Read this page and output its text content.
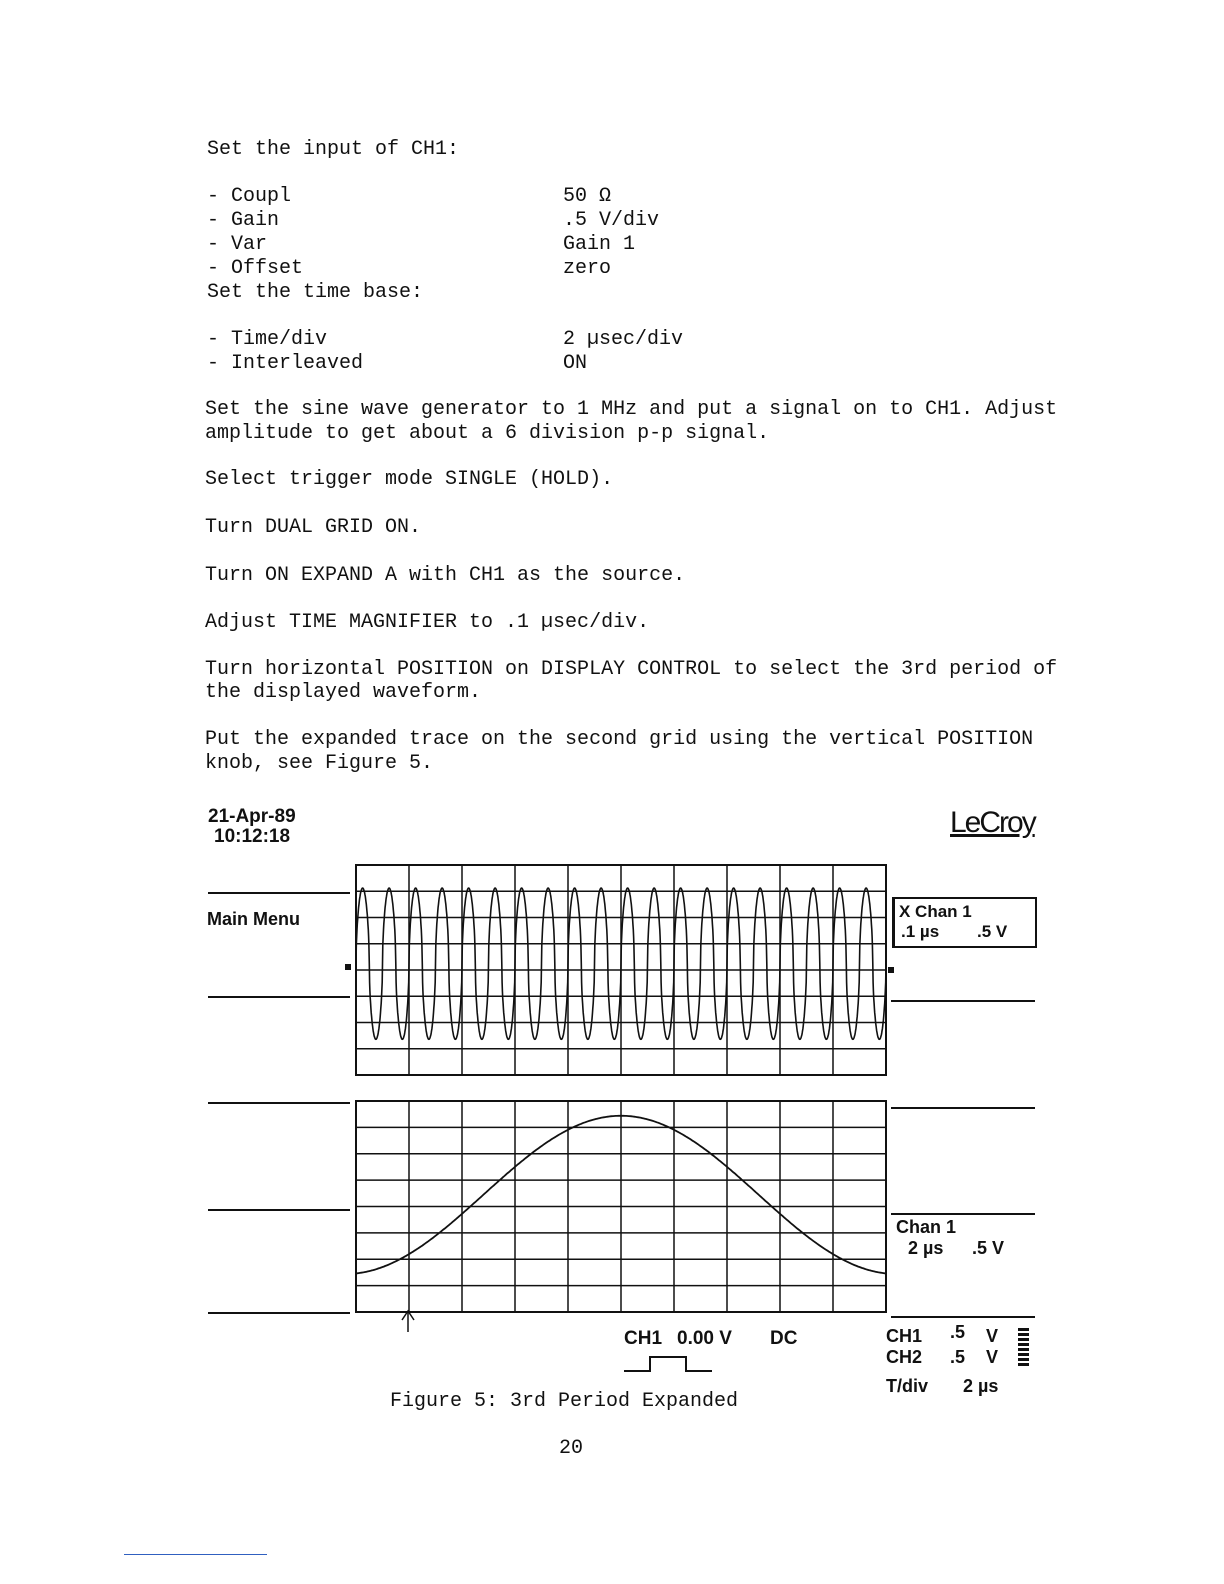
Set the input of CH1:
- Coupl	50 Ω
- Gain	.5 V/div
- Var	Gain 1
- Offset	zero
Set the time base:
- Time/div	2 µsec/div
- Interleaved	ON
Set the sine wave generator to 1 MHz and put a signal on to CH1. Adjust
amplitude to get about a 6 division p-p signal.
Select trigger mode SINGLE (HOLD).
Turn DUAL GRID ON.
Turn ON EXPAND A with CH1 as the source.
Adjust TIME MAGNIFIER to .1 µsec/div.
Turn horizontal POSITION on DISPLAY CONTROL to select the 3rd period of
the displayed waveform.
Put the expanded trace on the second grid using the vertical POSITION
knob, see Figure 5.
21-Apr-89
10:12:18	LeCroy
Main Menu	X Chan 1
.1 µs .5 V
Chan 1
2 µs .5 V
CH1 0.00 V DC	CH1 .5 V
CH2 .5 V
T/div 2 µs
Figure 5: 3rd Period Expanded
20
